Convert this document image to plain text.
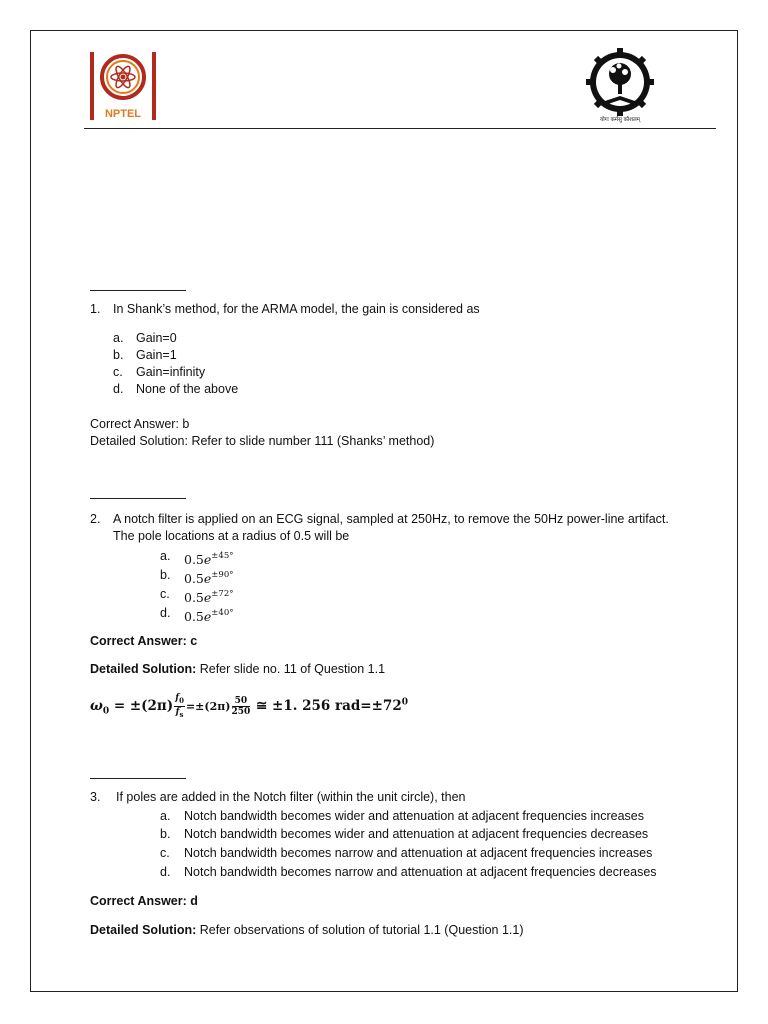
NPTEL	योगः कर्मसु कौशलम्
1. In Shank’s method, for the ARMA model, the gain is considered as
a. Gain=0
b. Gain=1
c. Gain=infinity
d. None of the above
Correct Answer: b
Detailed Solution: Refer to slide number 111 (Shanks’ method)
2. A notch filter is applied on an ECG signal, sampled at 250Hz, to remove the 50Hz power-line artifact.
The pole locations at a radius of 0.5 will be
a. $0.5e^{\pm 45^\circ}$
b. $0.5e^{\pm 90^\circ}$
c. $0.5e^{\pm 72^\circ}$
d. $0.5e^{\pm 40^\circ}$
Correct Answer: c
Detailed Solution: Refer slide no. 11 of Question 1.1
$\omega_0 = \pm(2\pi) \frac{f_0}{f_s} =\pm(2\pi) \frac{50}{250}$ ≅ ±1. 256 $rad=\pm 72^0$
3. If poles are added in the Notch filter (within the unit circle), then
a. Notch bandwidth becomes wider and attenuation at adjacent frequencies increases
b. Notch bandwidth becomes wider and attenuation at adjacent frequencies decreases
c. Notch bandwidth becomes narrow and attenuation at adjacent frequencies increases
d. Notch bandwidth becomes narrow and attenuation at adjacent frequencies decreases
Correct Answer: d
Detailed Solution: Refer observations of solution of tutorial 1.1 (Question 1.1)
